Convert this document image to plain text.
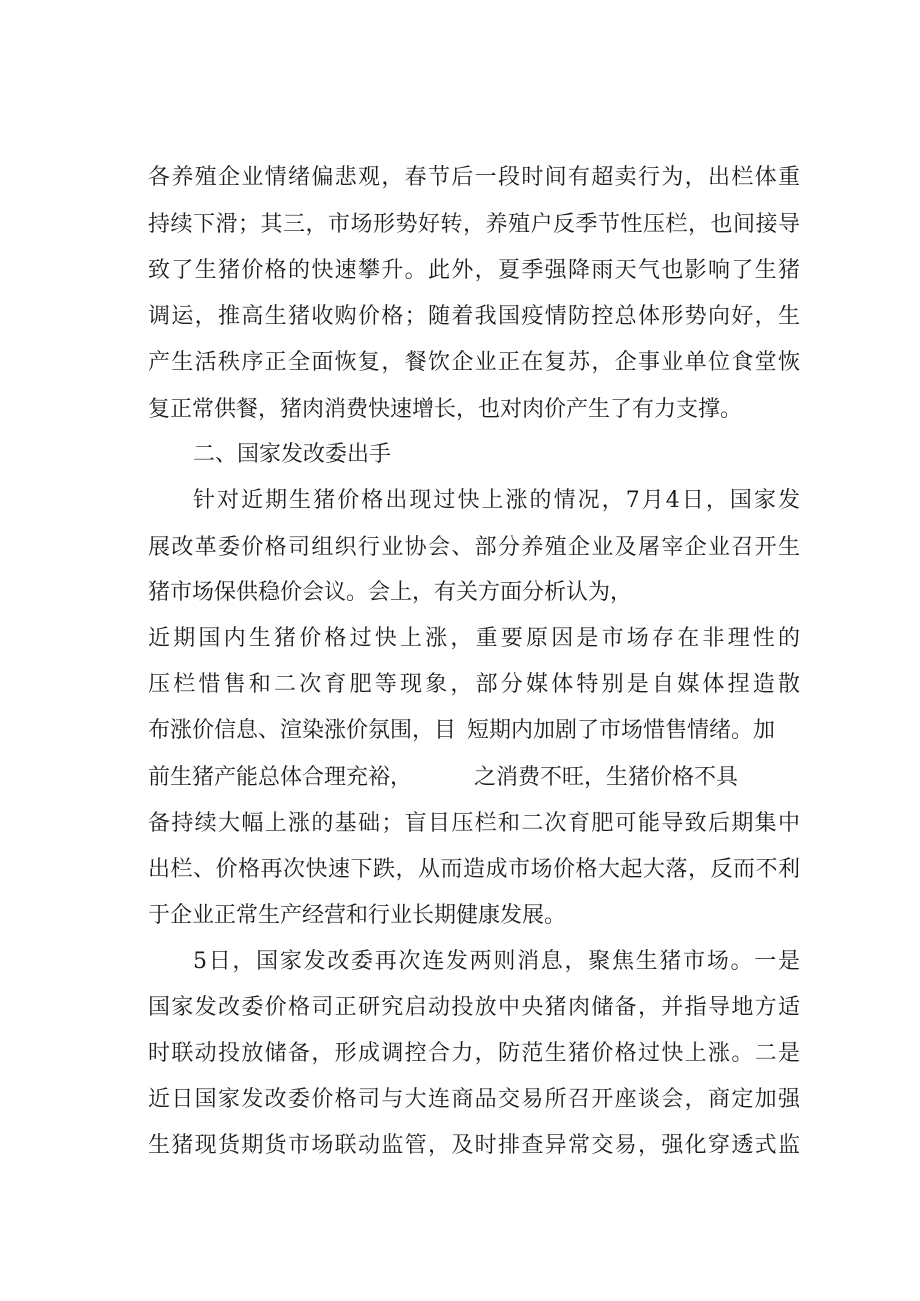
各养殖企业情绪偏悲观，春节后一段时间有超卖行为，出栏体重
持续下滑；其三，市场形势好转，养殖户反季节性压栏，也间接导
致了生猪价格的快速攀升。此外，夏季强降雨天气也影响了生猪
调运，推高生猪收购价格；随着我国疫情防控总体形势向好，生
产生活秩序正全面恢复，餐饮企业正在复苏，企事业单位食堂恢
复正常供餐，猪肉消费快速增长，也对肉价产生了有力支撑。
二、国家发改委出手
针对近期生猪价格出现过快上涨的情况，7月4日，国家发
展改革委价格司组织行业协会、部分养殖企业及屠宰企业召开生
猪市场保供稳价会议。会上，有关方面分析认为，
近期国内生猪价格过快上涨，重要原因是市场存在非理性的
压栏惜售和二次育肥等现象，部分媒体特别是自媒体捏造散
布涨价信息、渲染涨价氛围，目 短期内加剧了市场惜售情绪。加
前生猪产能总体合理充裕，	之消费不旺，生猪价格不具
备持续大幅上涨的基础；盲目压栏和二次育肥可能导致后期集中
出栏、价格再次快速下跌，从而造成市场价格大起大落，反而不利
于企业正常生产经营和行业长期健康发展。
5日，国家发改委再次连发两则消息，聚焦生猪市场。一是
国家发改委价格司正研究启动投放中央猪肉储备，并指导地方适
时联动投放储备，形成调控合力，防范生猪价格过快上涨。二是
近日国家发改委价格司与大连商品交易所召开座谈会，商定加强
生猪现货期货市场联动监管，及时排查异常交易，强化穿透式监
